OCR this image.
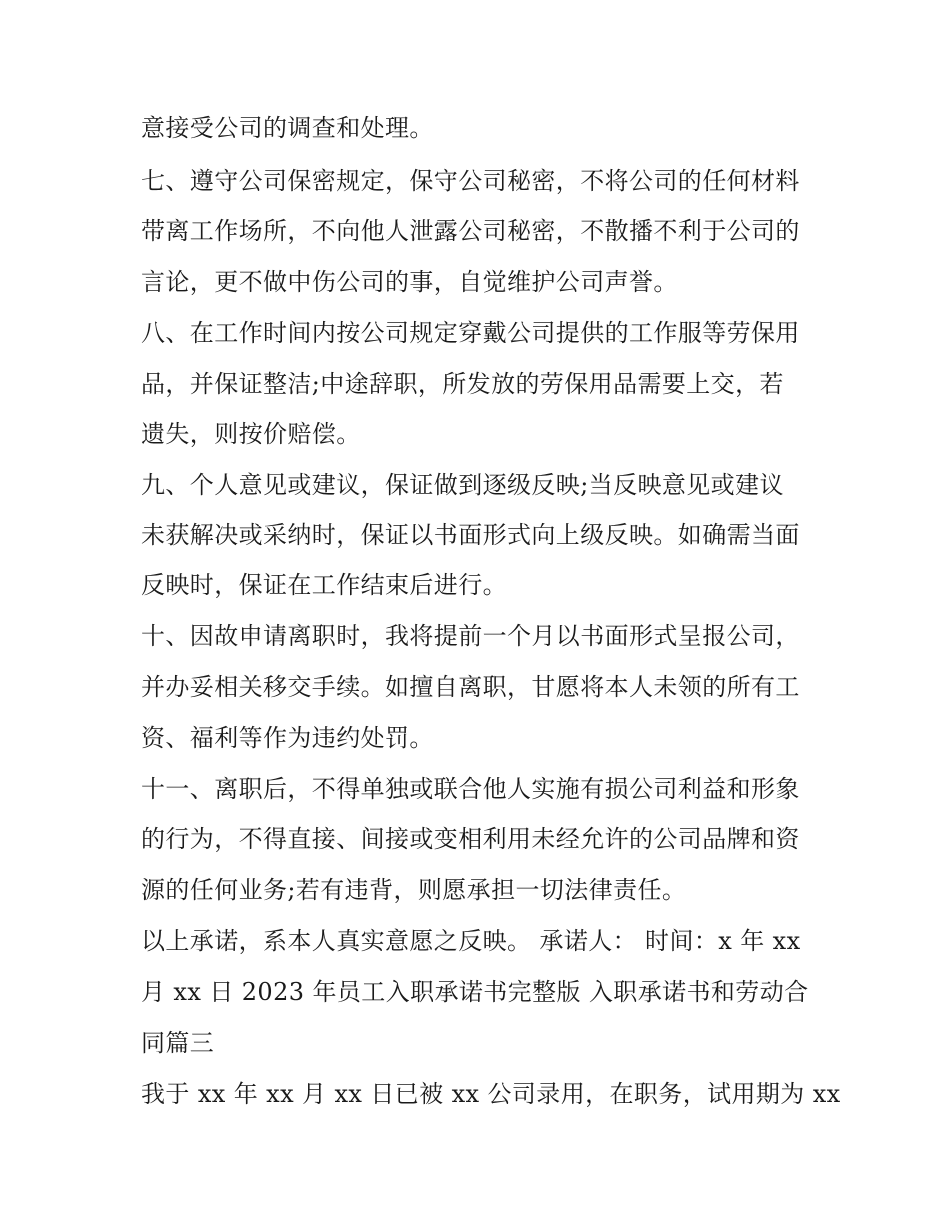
意接受公司的调查和处理。
七、遵守公司保密规定，保守公司秘密，不将公司的任何材料
带离工作场所，不向他人泄露公司秘密，不散播不利于公司的
言论，更不做中伤公司的事，自觉维护公司声誉。
八、在工作时间内按公司规定穿戴公司提供的工作服等劳保用
品，并保证整洁;中途辞职，所发放的劳保用品需要上交，若
遗失，则按价赔偿。
九、个人意见或建议，保证做到逐级反映;当反映意见或建议
未获解决或采纳时，保证以书面形式向上级反映。如确需当面
反映时，保证在工作结束后进行。
十、因故申请离职时，我将提前一个月以书面形式呈报公司，
并办妥相关移交手续。如擅自离职，甘愿将本人未领的所有工
资、福利等作为违约处罚。
十一、离职后，不得单独或联合他人实施有损公司利益和形象
的行为，不得直接、间接或变相利用未经允许的公司品牌和资
源的任何业务;若有违背，则愿承担一切法律责任。
以上承诺，系本人真实意愿之反映。 承诺人： 时间：x 年 xx
月 xx 日 2023 年员工入职承诺书完整版 入职承诺书和劳动合
同篇三
我于 xx 年 xx 月 xx 日已被 xx 公司录用，在职务，试用期为 xx
